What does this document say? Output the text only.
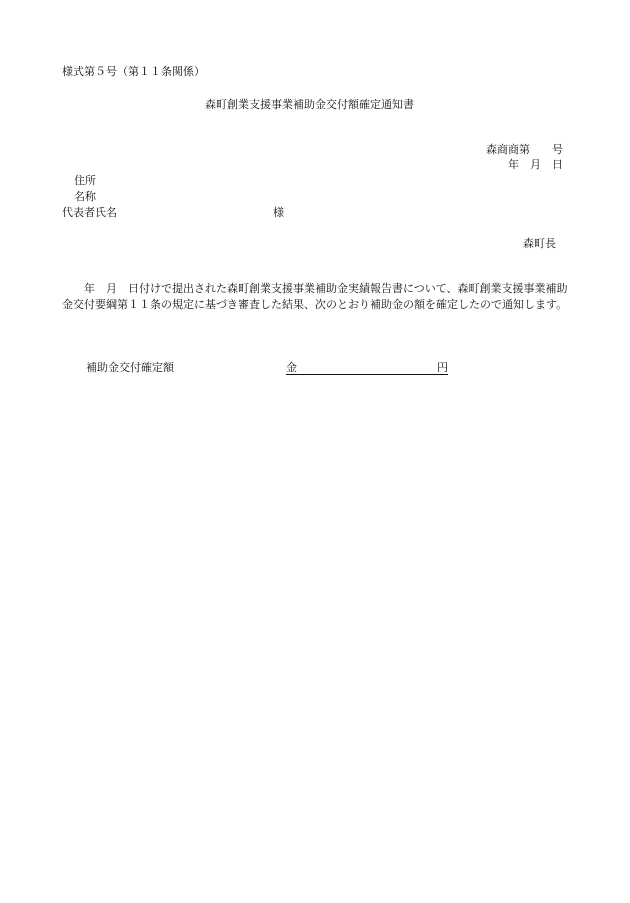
様式第５号（第１１条関係）
森町創業支援事業補助金交付額確定通知書
森商商第　　号
年　月　日
住所
名称
代表者氏名	様
森町長
　　年　月　日付けで提出された森町創業支援事業補助金実績報告書について、森町創業支援事業補助金交付要綱第１１条の規定に基づき審査した結果、次のとおり補助金の額を確定したので通知します。
補助金交付確定額	金	円
